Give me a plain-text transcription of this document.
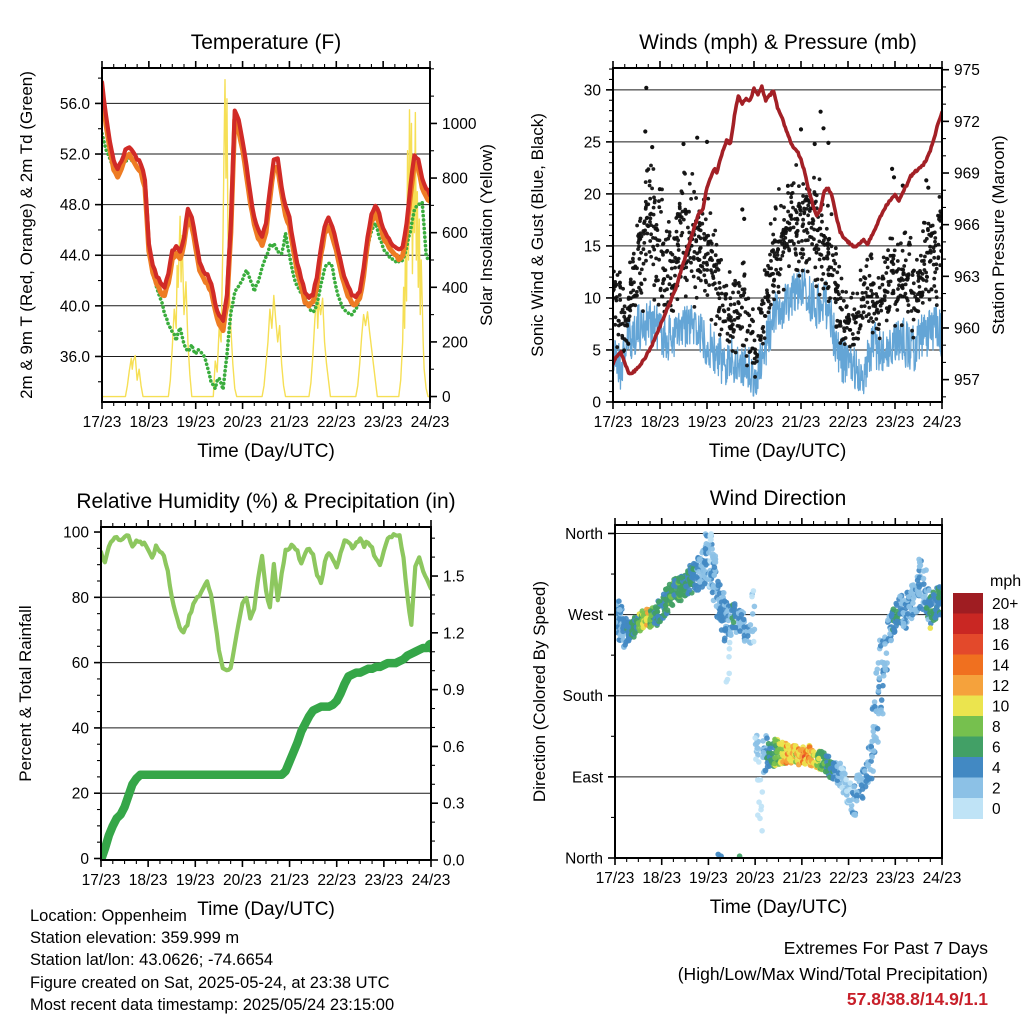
17/23 18/23 19/23 20/23 21/23 22/23 23/23 24/23
Time (Day/UTC)
36.0
40.0
44.0
48.0
52.0
56.0
0
200
400
600
800
1000
2m & 9m T (Red, Orange) & 2m Td (Green)	Solar Insolation (Yellow)
17/23 18/23 19/23 20/23 21/23 22/23 23/23 24/23
Time (Day/UTC)
0
5
10
15
20
25
30
957
960
963
966
969
972
975
Sonic Wind & Gust (Blue, Black)	Station Pressure (Maroon)
17/23 18/23 19/23 20/23 21/23 22/23 23/23 24/23
Time (Day/UTC)
0
20
40
60
80
100
0.0
0.3
0.6
0.9
1.2
1.5
Percent & Total Rainfall
17/23 18/23 19/23 20/23 21/23 22/23 23/23 24/23
Time (Day/UTC)
North
East
South
West
North
Direction (Colored By Speed)	20+
18
16
14
12
10
8
6
4
2
0
mph
Temperature (F)	Winds (mph) & Pressure (mb)
Relative Humidity (%) & Precipitation (in)	Wind Direction
Location: Oppenheim
Station elevation: 359.999 m
Station lat/lon: 43.0626; -74.6654
Figure created on Sat, 2025-05-24, at 23:38 UTC
Most recent data timestamp: 2025/05/24 23:15:00
Extremes For Past 7 Days
(High/Low/Max Wind/Total Precipitation)
57.8/38.8/14.9/1.1
